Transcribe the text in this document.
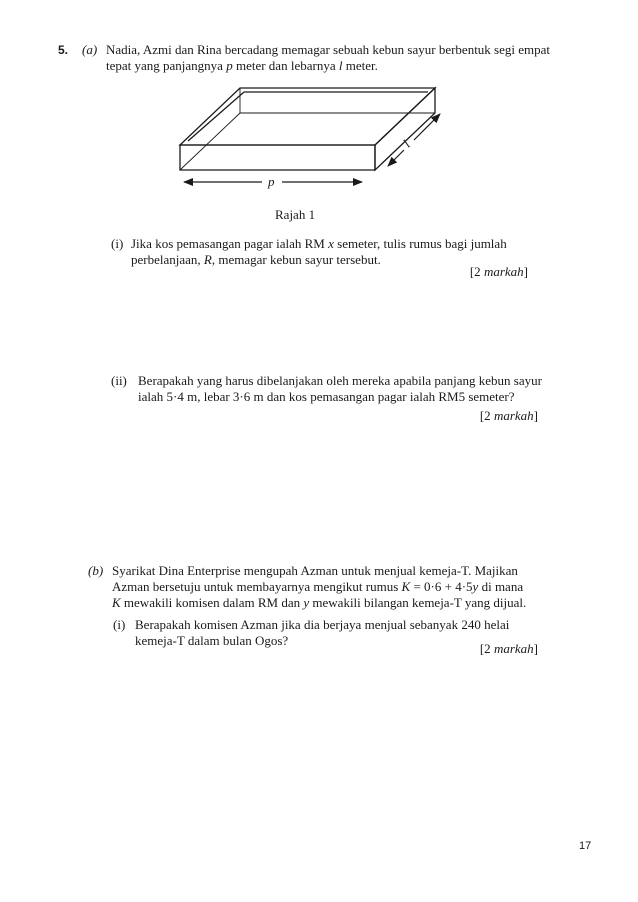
5. (a) Nadia, Azmi dan Rina bercadang memagar sebuah kebun sayur berbentuk segi empat
tepat yang panjangnya p meter dan lebarnya l meter.
p
l
Rajah 1
(i) Jika kos pemasangan pagar ialah RM x semeter, tulis rumus bagi jumlah
perbelanjaan, R, memagar kebun sayur tersebut.
[2 markah]
(ii) Berapakah yang harus dibelanjakan oleh mereka apabila panjang kebun sayur
ialah 5·4 m, lebar 3·6 m dan kos pemasangan pagar ialah RM5 semeter?
[2 markah]
(b) Syarikat Dina Enterprise mengupah Azman untuk menjual kemeja-T. Majikan
Azman bersetuju untuk membayarnya mengikut rumus K = 0·6 + 4·5y di mana
K mewakili komisen dalam RM dan y mewakili bilangan kemeja-T yang dijual.
(i) Berapakah komisen Azman jika dia berjaya menjual sebanyak 240 helai
kemeja-T dalam bulan Ogos?
[2 markah]
17
